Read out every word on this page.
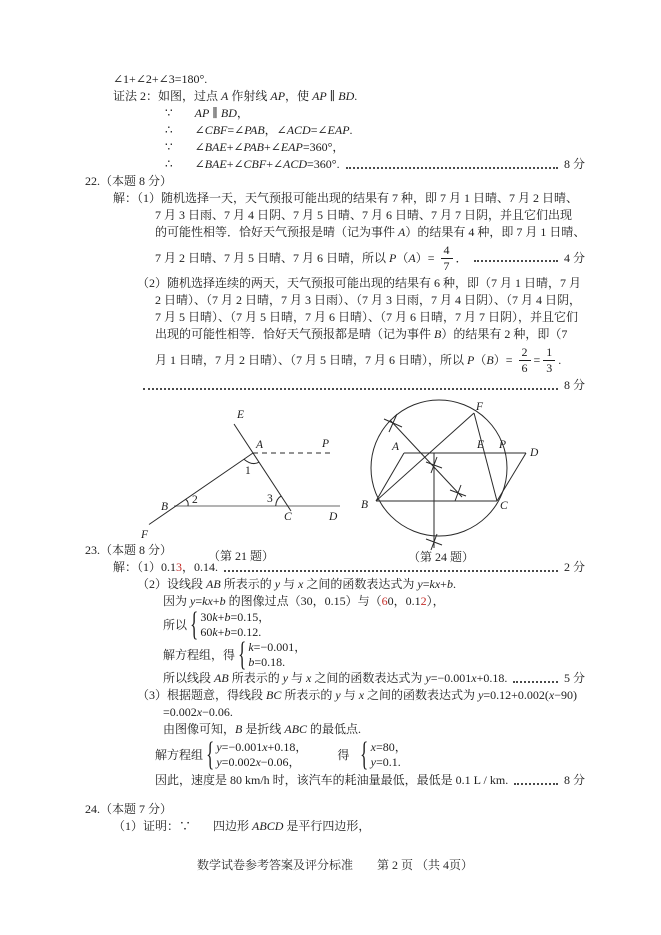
∠1+∠2+∠3=180°.
证法 2：如图，过点 A 作射线 AP，使 AP ∥ BD.
∵ AP ∥ BD，
∴ ∠CBF=∠PAB，∠ACD=∠EAP.
∵ ∠BAE+∠PAB+∠EAP=360°，
∴ ∠BAE+∠CBF+∠ACD=360°.	8 分
22.（本题 8 分）
解：（1）随机选择一天，天气预报可能出现的结果有 7 种，即 7 月 1 日晴、7 月 2 日晴、
7 月 3 日雨、7 月 4 日阴、7 月 5 日晴、7 月 6 日晴、7 月 7 日阴，并且它们出现
的可能性相等．恰好天气预报是晴（记为事件 A）的结果有 4 种，即 7 月 1 日晴、
7 月 2 日晴、7 月 5 日晴、7 月 6 日晴，所以 $P(A)= \frac{4}{7}$ ．	4 分
（2）随机选择连续的两天，天气预报可能出现的结果有 6 种，即（7 月 1 日晴，7 月
2 日晴）、（7 月 2 日晴，7 月 3 日雨）、（7 月 3 日雨，7 月 4 日阴）、（7 月 4 日阴，
7 月 5 日晴）、（7 月 5 日晴，7 月 6 日晴）、（7 月 6 日晴，7 月 7 日阴），并且它们
出现的可能性相等．恰好天气预报都是晴（记为事件 B）的结果有 2 种，即（7
月 1 日晴，7 月 2 日晴）、（7 月 5 日晴，7 月 6 日晴），所以 $P(B)= \frac{2}{6} = \frac{1}{3}$ .
8 分
E
A	P
1
B
2	3
C	D
F
（第 21 题）
A
B	C
D
E
F
P
（第 24 题）
23.（本题 8 分）
解：（1）0.13，0.14.	2 分
（2）设线段 AB 所表示的 y 与 x 之间的函数表达式为 y=kx+b.
因为 y=kx+b 的图像过点（30，0.15）与（60，0.12），
所以 { 30k+b=0.15，
60k+b=0.12.
解方程组，得 { k=−0.001，
b=0.18.
所以线段 AB 所表示的 y 与 x 之间的函数表达式为 y=−0.001x+0.18.	5 分
（3）根据题意，得线段 BC 所表示的 y 与 x 之间的函数表达式为 y=0.12+0.002(x−90)
=0.002x−0.06.
由图像可知，B 是折线 ABC 的最低点.
解方程组 { y=−0.001x+0.18，
y=0.002x−0.06，
得 { x=80，
y=0.1.
因此，速度是 80 km/h 时，该汽车的耗油量最低，最低是 0.1 L / km.	8 分
24.（本题 7 分）
（1）证明：∵ 四边形 ABCD 是平行四边形，
数学试卷参考答案及评分标准　　第 2 页 （共 4页）
